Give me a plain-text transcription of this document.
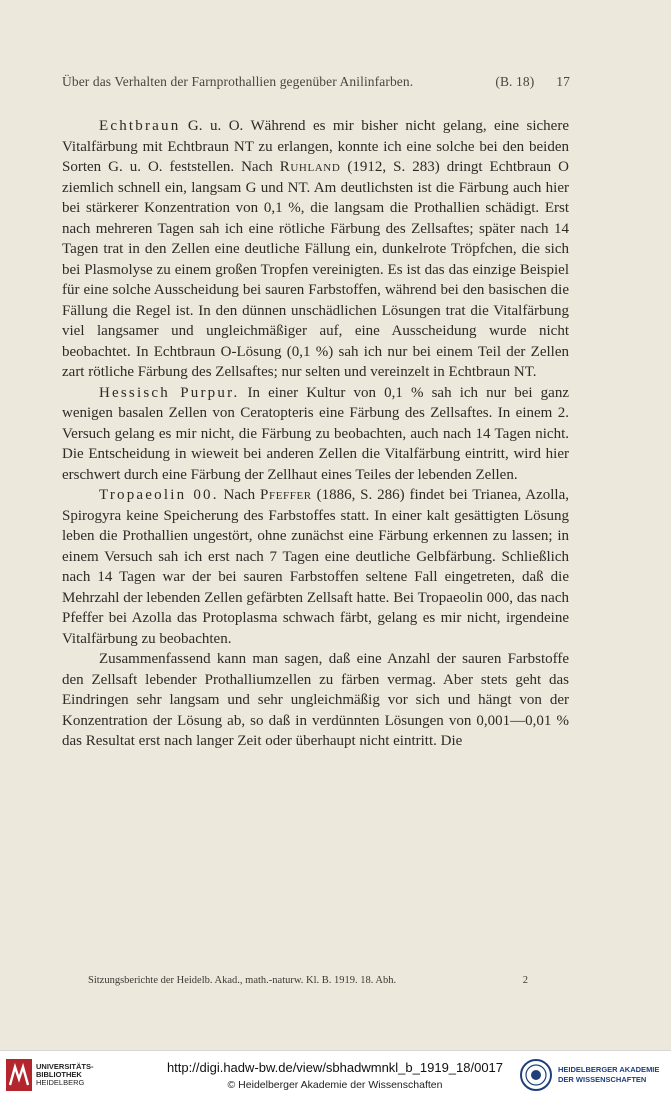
Über das Verhalten der Farnprothallien gegenüber Anilinfarben.	(B. 18) 17

Echtbraun G. u. O. Während es mir bisher nicht gelang, eine sichere Vitalfärbung mit Echtbraun NT zu erlangen, konnte ich eine solche bei den beiden Sorten G. u. O. feststellen. Nach Ruhland (1912, S. 283) dringt Echtbraun O ziemlich schnell ein, langsam G und NT. Am deutlichsten ist die Färbung auch hier bei stärkerer Konzentration von 0,1 %, die langsam die Prothallien schädigt. Erst nach mehreren Tagen sah ich eine rötliche Färbung des Zellsaftes; später nach 14 Tagen trat in den Zellen eine deutliche Fällung ein, dunkelrote Tröpfchen, die sich bei Plasmolyse zu einem großen Tropfen vereinigten. Es ist das das einzige Beispiel für eine solche Ausscheidung bei sauren Farbstoffen, während bei den basischen die Fällung die Regel ist. In den dünnen unschädlichen Lösungen trat die Vitalfärbung viel langsamer und ungleichmäßiger auf, eine Ausscheidung wurde nicht beobachtet. In Echtbraun O-Lösung (0,1 %) sah ich nur bei einem Teil der Zellen zart rötliche Färbung des Zellsaftes; nur selten und vereinzelt in Echtbraun NT.

Hessisch Purpur. In einer Kultur von 0,1 % sah ich nur bei ganz wenigen basalen Zellen von Ceratopteris eine Färbung des Zellsaftes. In einem 2. Versuch gelang es mir nicht, die Färbung zu beobachten, auch nach 14 Tagen nicht. Die Entscheidung in wieweit bei anderen Zellen die Vitalfärbung eintritt, wird hier erschwert durch eine Färbung der Zellhaut eines Teiles der lebenden Zellen.

Tropaeolin 00. Nach Pfeffer (1886, S. 286) findet bei Trianea, Azolla, Spirogyra keine Speicherung des Farbstoffes statt. In einer kalt gesättigten Lösung leben die Prothallien ungestört, ohne zunächst eine Färbung erkennen zu lassen; in einem Versuch sah ich erst nach 7 Tagen eine deutliche Gelbfärbung. Schließlich nach 14 Tagen war der bei sauren Farbstoffen seltene Fall eingetreten, daß die Mehrzahl der lebenden Zellen gefärbten Zellsaft hatte. Bei Tropaeolin 000, das nach Pfeffer bei Azolla das Protoplasma schwach färbt, gelang es mir nicht, irgendeine Vitalfärbung zu beobachten.

Zusammenfassend kann man sagen, daß eine Anzahl der sauren Farbstoffe den Zellsaft lebender Prothalliumzellen zu färben vermag. Aber stets geht das Eindringen sehr langsam und sehr ungleichmäßig vor sich und hängt von der Konzentration der Lösung ab, so daß in verdünnten Lösungen von 0,001—0,01 % das Resultat erst nach langer Zeit oder überhaupt nicht eintritt. Die

Sitzungsberichte der Heidelb. Akad., math.-naturw. Kl. B. 1919. 18. Abh.	2
UNIVERSITÄTS-
BIBLIOTHEK
HEIDELBERG
http://digi.hadw-bw.de/view/sbhadwmnkl_b_1919_18/0017
© Heidelberger Akademie der Wissenschaften
HEIDELBERGER AKADEMIE
DER WISSENSCHAFTEN
